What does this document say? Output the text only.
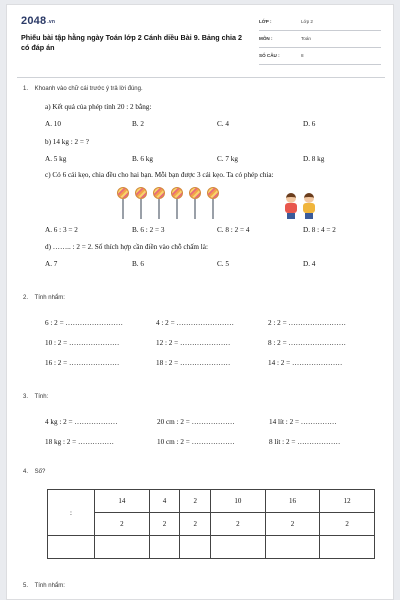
2048.vn
Phiếu bài tập hằng ngày Toán lớp 2 Cánh diều Bài 9. Bảng chia 2 có đáp án
LỚP :	Lớp 2
MÔN :	Toán
SỐ CÂU :	8
1. Khoanh vào chữ cái trước ý trả lời đúng.
a) Kết quả của phép tính 20 : 2 bằng:
A. 10	B. 2	C. 4	D. 6
b) 14 kg : 2 = ?
A. 5 kg	B. 6 kg	C. 7 kg	D. 8 kg
c) Có 6 cái kẹo, chia đều cho hai bạn. Mỗi bạn được 3 cái kẹo. Ta có phép chia:
A. 6 : 3 = 2	B. 6 : 2 = 3	C. 8 : 2 = 4	D. 8 : 4 = 2
d) …….. : 2 = 2. Số thích hợp cần điền vào chỗ chấm là:
A. 7	B. 6	C. 5	D. 4
2. Tính nhẩm:
6 : 2 = ……………………	4 : 2 = ……………………	2 : 2 = ……………………
10 : 2 = …………………	12 : 2 = …………………	8 : 2 = ……………………
16 : 2 = …………………	18 : 2 = …………………	14 : 2 = …………………
3. Tính:
4 kg : 2 = ………………	20 cm : 2 = ………………	14 lít : 2 = ……………
18 kg : 2 = ……………	10 cm : 2 = ………………	8 lít : 2 = ………………
4. Số?
:	14	4	2	10	16	12
	2	2	2	2	2	2

5. Tính nhẩm:
